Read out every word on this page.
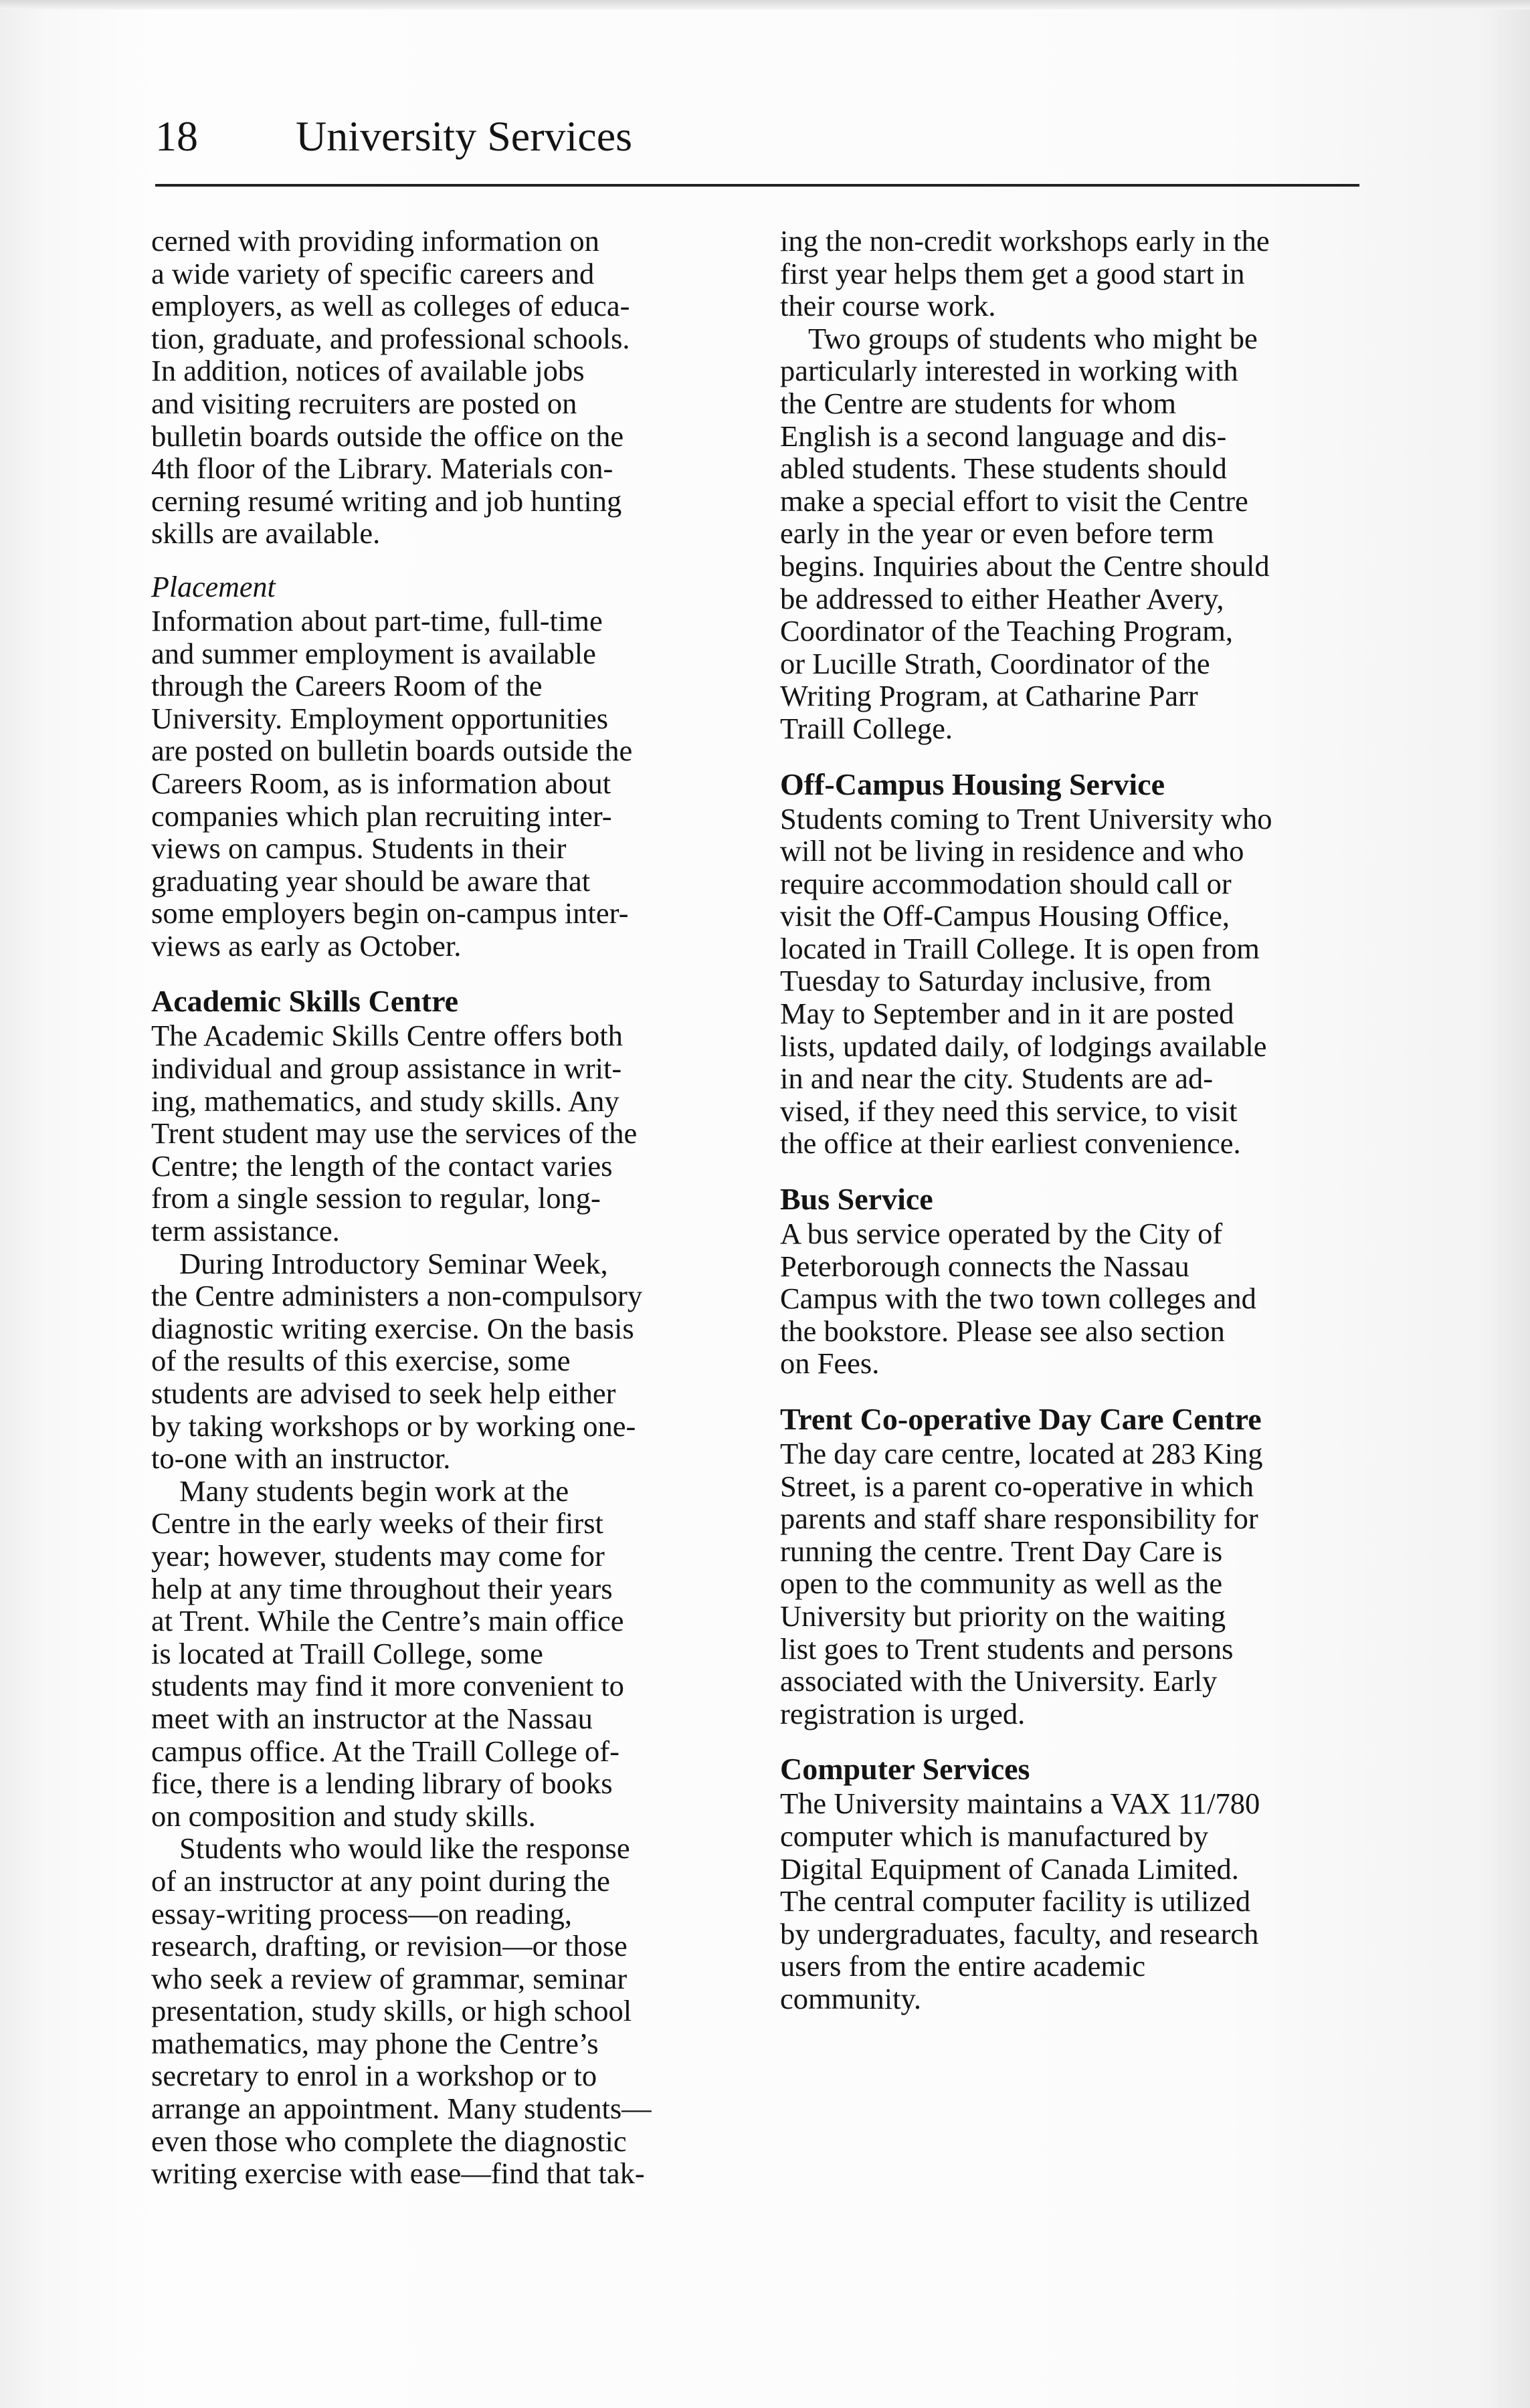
18 University Services

cerned with providing information on
a wide variety of specific careers and
employers, as well as colleges of educa-
tion, graduate, and professional schools.
In addition, notices of available jobs
and visiting recruiters are posted on
bulletin boards outside the office on the
4th floor of the Library. Materials con-
cerning resumé writing and job hunting
skills are available.

Placement

Information about part-time, full-time
and summer employment is available
through the Careers Room of the
University. Employment opportunities
are posted on bulletin boards outside the
Careers Room, as is information about
companies which plan recruiting inter-
views on campus. Students in their
graduating year should be aware that
some employers begin on-campus inter-
views as early as October.

Academic Skills Centre

The Academic Skills Centre offers both
individual and group assistance in writ-
ing, mathematics, and study skills. Any
Trent student may use the services of the
Centre; the length of the contact varies
from a single session to regular, long-
term assistance.

During Introductory Seminar Week,
the Centre administers a non-compulsory
diagnostic writing exercise. On the basis
of the results of this exercise, some
students are advised to seek help either
by taking workshops or by working one-
to-one with an instructor.

Many students begin work at the
Centre in the early weeks of their first
year; however, students may come for
help at any time throughout their years
at Trent. While the Centre’s main office
is located at Traill College, some
students may find it more convenient to
meet with an instructor at the Nassau
campus office. At the Traill College of-
fice, there is a lending library of books
on composition and study skills.

Students who would like the response
of an instructor at any point during the
essay-writing process—on reading,
research, drafting, or revision—or those
who seek a review of grammar, seminar
presentation, study skills, or high school
mathematics, may phone the Centre’s
secretary to enrol in a workshop or to
arrange an appointment. Many students—
even those who complete the diagnostic
writing exercise with ease—find that tak-

ing the non-credit workshops early in the
first year helps them get a good start in
their course work.

Two groups of students who might be
particularly interested in working with
the Centre are students for whom
English is a second language and dis-
abled students. These students should
make a special effort to visit the Centre
early in the year or even before term
begins. Inquiries about the Centre should
be addressed to either Heather Avery,
Coordinator of the Teaching Program,
or Lucille Strath, Coordinator of the
Writing Program, at Catharine Parr
Traill College.

Off-Campus Housing Service

Students coming to Trent University who
will not be living in residence and who
require accommodation should call or
visit the Off-Campus Housing Office,
located in Traill College. It is open from
Tuesday to Saturday inclusive, from
May to September and in it are posted
lists, updated daily, of lodgings available
in and near the city. Students are ad-
vised, if they need this service, to visit
the office at their earliest convenience.

Bus Service

A bus service operated by the City of
Peterborough connects the Nassau
Campus with the two town colleges and
the bookstore. Please see also section
on Fees.

Trent Co-operative Day Care Centre

The day care centre, located at 283 King
Street, is a parent co-operative in which
parents and staff share responsibility for
running the centre. Trent Day Care is
open to the community as well as the
University but priority on the waiting
list goes to Trent students and persons
associated with the University. Early
registration is urged.

Computer Services

The University maintains a VAX 11/780
computer which is manufactured by
Digital Equipment of Canada Limited.
The central computer facility is utilized
by undergraduates, faculty, and research
users from the entire academic
community.
